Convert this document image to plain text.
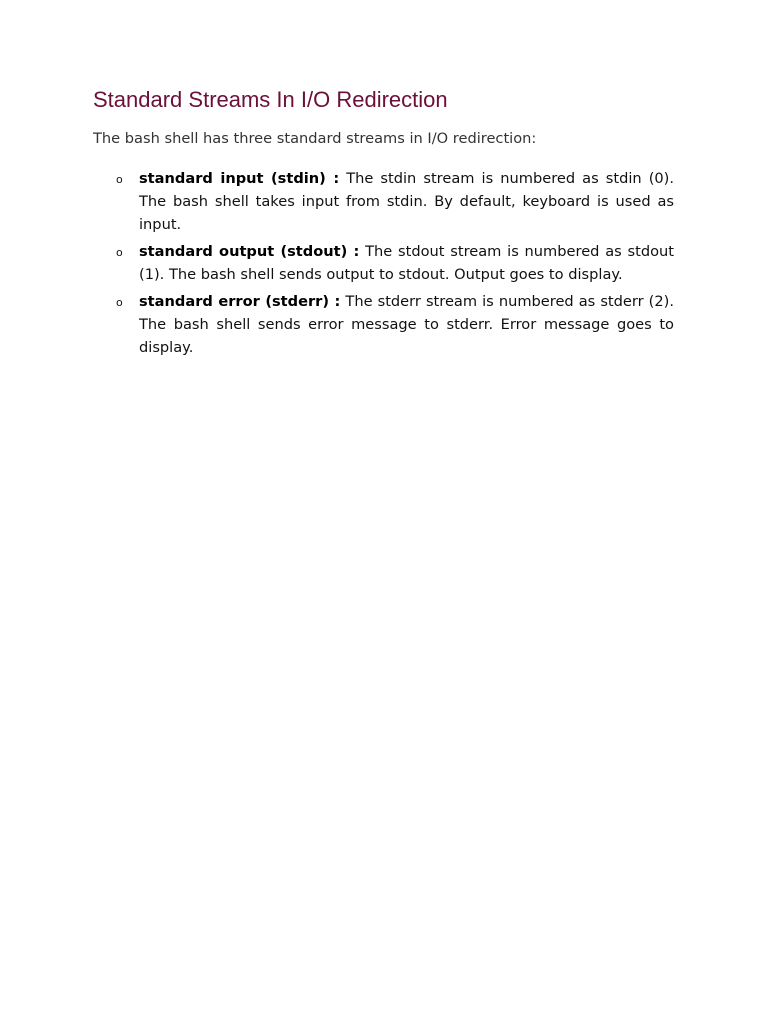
Standard Streams In I/O Redirection

The bash shell has three standard streams in I/O redirection:

o standard input (stdin) : The stdin stream is numbered as stdin (0). The bash shell takes input from stdin. By default, keyboard is used as input.
o standard output (stdout) : The stdout stream is numbered as stdout (1). The bash shell sends output to stdout. Output goes to display.
o standard error (stderr) : The stderr stream is numbered as stderr (2). The bash shell sends error message to stderr. Error message goes to display.
